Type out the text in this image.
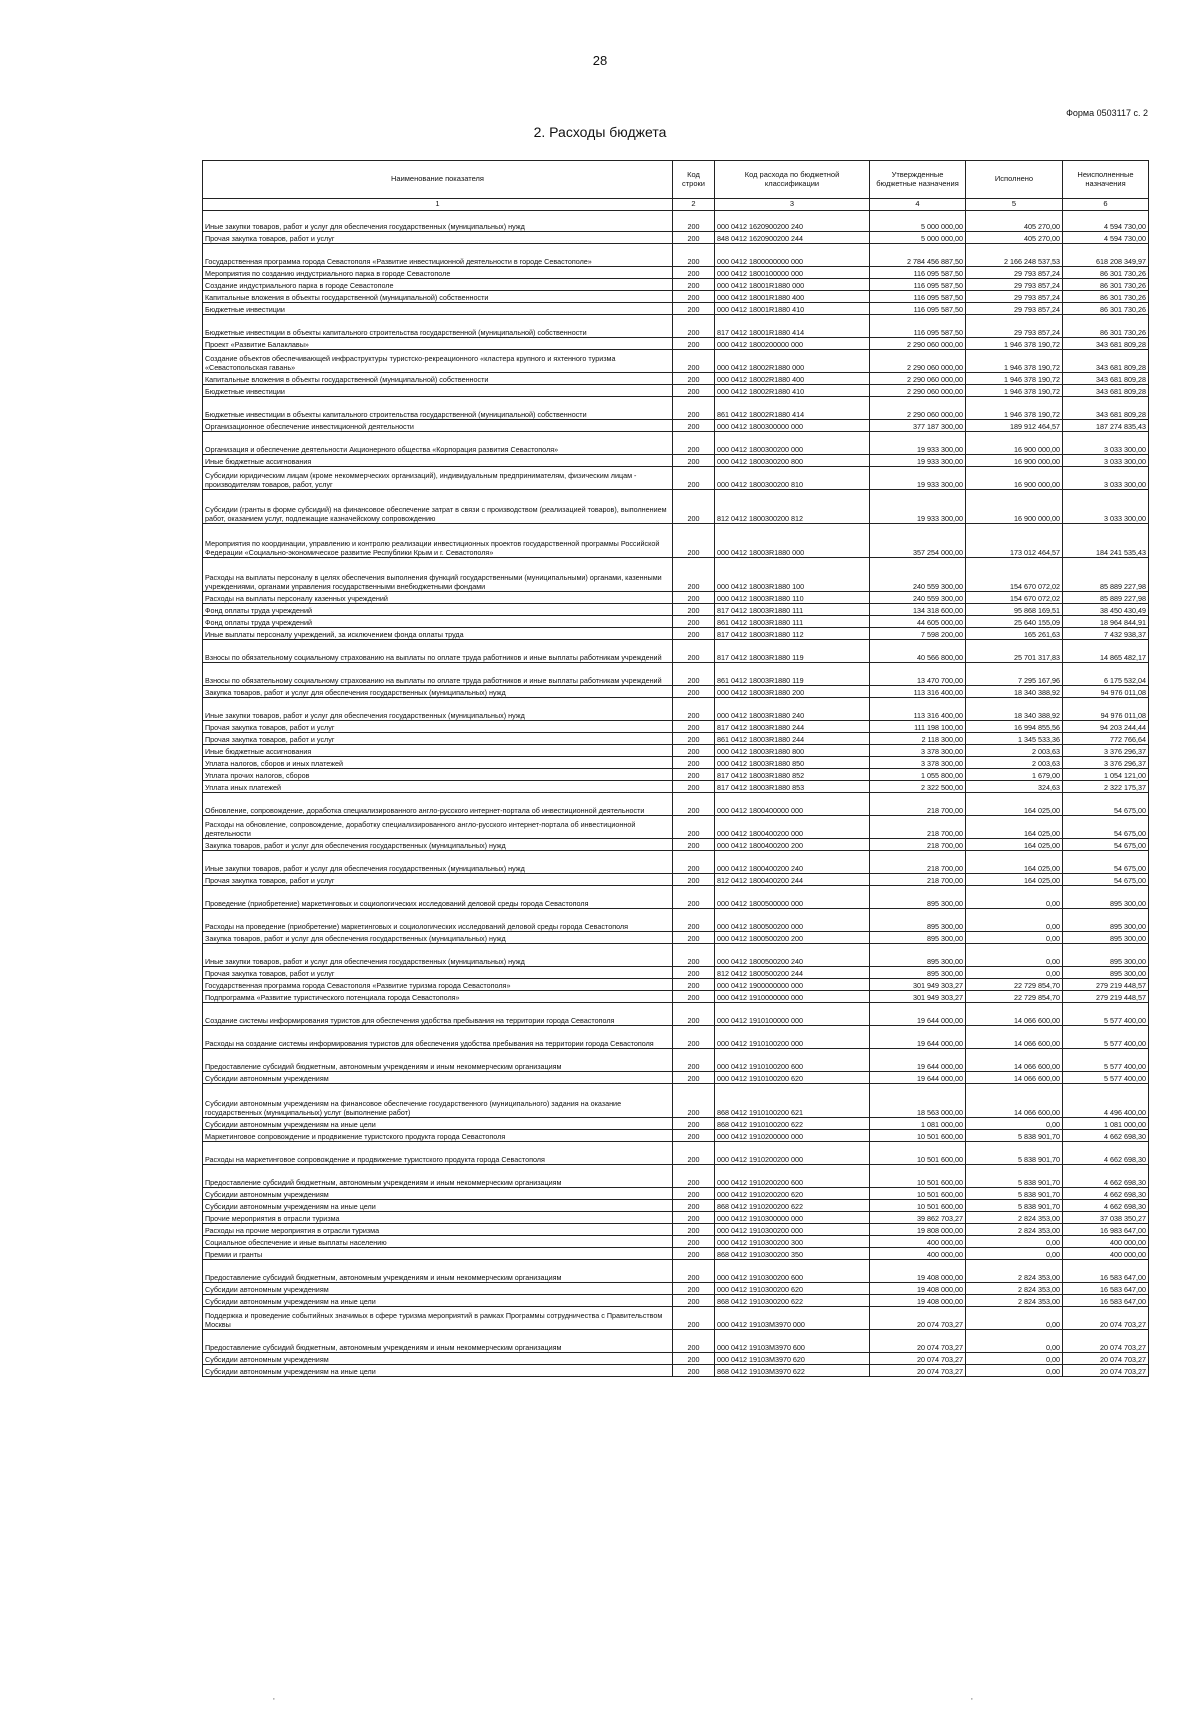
28
Форма 0503117 с. 2
2. Расходы бюджета
Наименование показателя	Код строки	Код расхода по бюджетной классификации	Утвержденные бюджетные назначения	Исполнено	Неисполненные назначения
1	2	3	4	5	6
Иные закупки товаров, работ и услуг для обеспечения государственных (муниципальных) нужд	200	000 0412 1620900200 240	5 000 000,00	405 270,00	4 594 730,00
Прочая закупка товаров, работ и услуг	200	848 0412 1620900200 244	5 000 000,00	405 270,00	4 594 730,00
Государственная программа города Севастополя «Развитие инвестиционной деятельности в городе Севастополе»	200	000 0412 1800000000 000	2 784 456 887,50	2 166 248 537,53	618 208 349,97
Мероприятия по созданию индустриального парка в городе Севастополе	200	000 0412 1800100000 000	116 095 587,50	29 793 857,24	86 301 730,26
Создание индустриального парка в городе Севастополе	200	000 0412 18001R1880 000	116 095 587,50	29 793 857,24	86 301 730,26
Капитальные вложения в объекты государственной (муниципальной) собственности	200	000 0412 18001R1880 400	116 095 587,50	29 793 857,24	86 301 730,26
Бюджетные инвестиции	200	000 0412 18001R1880 410	116 095 587,50	29 793 857,24	86 301 730,26
Бюджетные инвестиции в объекты капитального строительства государственной (муниципальной) собственности	200	817 0412 18001R1880 414	116 095 587,50	29 793 857,24	86 301 730,26
Проект «Развитие Балаклавы»	200	000 0412 1800200000 000	2 290 060 000,00	1 946 378 190,72	343 681 809,28
Создание объектов обеспечивающей инфраструктуры туристско-рекреационного «кластера крупного и яхтенного туризма «Севастопольская гавань»	200	000 0412 18002R1880 000	2 290 060 000,00	1 946 378 190,72	343 681 809,28
Капитальные вложения в объекты государственной (муниципальной) собственности	200	000 0412 18002R1880 400	2 290 060 000,00	1 946 378 190,72	343 681 809,28
Бюджетные инвестиции	200	000 0412 18002R1880 410	2 290 060 000,00	1 946 378 190,72	343 681 809,28
Бюджетные инвестиции в объекты капитального строительства государственной (муниципальной) собственности	200	861 0412 18002R1880 414	2 290 060 000,00	1 946 378 190,72	343 681 809,28
Организационное обеспечение инвестиционной деятельности	200	000 0412 1800300000 000	377 187 300,00	189 912 464,57	187 274 835,43
Организация и обеспечение деятельности Акционерного общества «Корпорация развития Севастополя»	200	000 0412 1800300200 000	19 933 300,00	16 900 000,00	3 033 300,00
Иные бюджетные ассигнования	200	000 0412 1800300200 800	19 933 300,00	16 900 000,00	3 033 300,00
Субсидии юридическим лицам (кроме некоммерческих организаций), индивидуальным предпринимателям, физическим лицам - производителям товаров, работ, услуг	200	000 0412 1800300200 810	19 933 300,00	16 900 000,00	3 033 300,00
Субсидии (гранты в форме субсидий) на финансовое обеспечение затрат в связи с производством (реализацией товаров), выполнением работ, оказанием услуг, подлежащие казначейскому сопровождению	200	812 0412 1800300200 812	19 933 300,00	16 900 000,00	3 033 300,00
Мероприятия по координации, управлению и контролю реализации инвестиционных проектов государственной программы Российской Федерации «Социально-экономическое развитие Республики Крым и г. Севастополя»	200	000 0412 18003R1880 000	357 254 000,00	173 012 464,57	184 241 535,43
Расходы на выплаты персоналу в целях обеспечения выполнения функций государственными (муниципальными) органами, казенными учреждениями, органами управления государственными внебюджетными фондами	200	000 0412 18003R1880 100	240 559 300,00	154 670 072,02	85 889 227,98
Расходы на выплаты персоналу казенных учреждений	200	000 0412 18003R1880 110	240 559 300,00	154 670 072,02	85 889 227,98
Фонд оплаты труда учреждений	200	817 0412 18003R1880 111	134 318 600,00	95 868 169,51	38 450 430,49
Фонд оплаты труда учреждений	200	861 0412 18003R1880 111	44 605 000,00	25 640 155,09	18 964 844,91
Иные выплаты персоналу учреждений, за исключением фонда оплаты труда	200	817 0412 18003R1880 112	7 598 200,00	165 261,63	7 432 938,37
Взносы по обязательному социальному страхованию на выплаты по оплате труда работников и иные выплаты работникам учреждений	200	817 0412 18003R1880 119	40 566 800,00	25 701 317,83	14 865 482,17
Взносы по обязательному социальному страхованию на выплаты по оплате труда работников и иные выплаты работникам учреждений	200	861 0412 18003R1880 119	13 470 700,00	7 295 167,96	6 175 532,04
Закупка товаров, работ и услуг для обеспечения государственных (муниципальных) нужд	200	000 0412 18003R1880 200	113 316 400,00	18 340 388,92	94 976 011,08
Иные закупки товаров, работ и услуг для обеспечения государственных (муниципальных) нужд	200	000 0412 18003R1880 240	113 316 400,00	18 340 388,92	94 976 011,08
Прочая закупка товаров, работ и услуг	200	817 0412 18003R1880 244	111 198 100,00	16 994 855,56	94 203 244,44
Прочая закупка товаров, работ и услуг	200	861 0412 18003R1880 244	2 118 300,00	1 345 533,36	772 766,64
Иные бюджетные ассигнования	200	000 0412 18003R1880 800	3 378 300,00	2 003,63	3 376 296,37
Уплата налогов, сборов и иных платежей	200	000 0412 18003R1880 850	3 378 300,00	2 003,63	3 376 296,37
Уплата прочих налогов, сборов	200	817 0412 18003R1880 852	1 055 800,00	1 679,00	1 054 121,00
Уплата иных платежей	200	817 0412 18003R1880 853	2 322 500,00	324,63	2 322 175,37
Обновление, сопровождение, доработка специализированного англо-русского интернет-портала об инвестиционной деятельности	200	000 0412 1800400000 000	218 700,00	164 025,00	54 675,00
Расходы на обновление, сопровождение, доработку специализированного англо-русского интернет-портала об инвестиционной деятельности	200	000 0412 1800400200 000	218 700,00	164 025,00	54 675,00
Закупка товаров, работ и услуг для обеспечения государственных (муниципальных) нужд	200	000 0412 1800400200 200	218 700,00	164 025,00	54 675,00
Иные закупки товаров, работ и услуг для обеспечения государственных (муниципальных) нужд	200	000 0412 1800400200 240	218 700,00	164 025,00	54 675,00
Прочая закупка товаров, работ и услуг	200	812 0412 1800400200 244	218 700,00	164 025,00	54 675,00
Проведение (приобретение) маркетинговых и социологических исследований деловой среды города Севастополя	200	000 0412 1800500000 000	895 300,00	0,00	895 300,00
Расходы на проведение (приобретение) маркетинговых и социологических исследований деловой среды города Севастополя	200	000 0412 1800500200 000	895 300,00	0,00	895 300,00
Закупка товаров, работ и услуг для обеспечения государственных (муниципальных) нужд	200	000 0412 1800500200 200	895 300,00	0,00	895 300,00
Иные закупки товаров, работ и услуг для обеспечения государственных (муниципальных) нужд	200	000 0412 1800500200 240	895 300,00	0,00	895 300,00
Прочая закупка товаров, работ и услуг	200	812 0412 1800500200 244	895 300,00	0,00	895 300,00
Государственная программа города Севастополя «Развитие туризма города Севастополя»	200	000 0412 1900000000 000	301 949 303,27	22 729 854,70	279 219 448,57
Подпрограмма «Развитие туристического потенциала города Севастополя»	200	000 0412 1910000000 000	301 949 303,27	22 729 854,70	279 219 448,57
Создание системы информирования туристов для обеспечения удобства пребывания на территории города Севастополя	200	000 0412 1910100000 000	19 644 000,00	14 066 600,00	5 577 400,00
Расходы на создание системы информирования туристов для обеспечения удобства пребывания на территории города Севастополя	200	000 0412 1910100200 000	19 644 000,00	14 066 600,00	5 577 400,00
Предоставление субсидий бюджетным, автономным учреждениям и иным некоммерческим организациям	200	000 0412 1910100200 600	19 644 000,00	14 066 600,00	5 577 400,00
Субсидии автономным учреждениям	200	000 0412 1910100200 620	19 644 000,00	14 066 600,00	5 577 400,00
Субсидии автономным учреждениям на финансовое обеспечение государственного (муниципального) задания на оказание государственных (муниципальных) услуг (выполнение работ)	200	868 0412 1910100200 621	18 563 000,00	14 066 600,00	4 496 400,00
Субсидии автономным учреждениям на иные цели	200	868 0412 1910100200 622	1 081 000,00	0,00	1 081 000,00
Маркетинговое сопровождение и продвижение туристского продукта города Севастополя	200	000 0412 1910200000 000	10 501 600,00	5 838 901,70	4 662 698,30
Расходы на маркетинговое сопровождение и продвижение туристского продукта города Севастополя	200	000 0412 1910200200 000	10 501 600,00	5 838 901,70	4 662 698,30
Предоставление субсидий бюджетным, автономным учреждениям и иным некоммерческим организациям	200	000 0412 1910200200 600	10 501 600,00	5 838 901,70	4 662 698,30
Субсидии автономным учреждениям	200	000 0412 1910200200 620	10 501 600,00	5 838 901,70	4 662 698,30
Субсидии автономным учреждениям на иные цели	200	868 0412 1910200200 622	10 501 600,00	5 838 901,70	4 662 698,30
Прочие мероприятия в отрасли туризма	200	000 0412 1910300000 000	39 862 703,27	2 824 353,00	37 038 350,27
Расходы на прочие мероприятия в отрасли туризма	200	000 0412 1910300200 000	19 808 000,00	2 824 353,00	16 983 647,00
Социальное обеспечение и иные выплаты населению	200	000 0412 1910300200 300	400 000,00	0,00	400 000,00
Премии и гранты	200	868 0412 1910300200 350	400 000,00	0,00	400 000,00
Предоставление субсидий бюджетным, автономным учреждениям и иным некоммерческим организациям	200	000 0412 1910300200 600	19 408 000,00	2 824 353,00	16 583 647,00
Субсидии автономным учреждениям	200	000 0412 1910300200 620	19 408 000,00	2 824 353,00	16 583 647,00
Субсидии автономным учреждениям на иные цели	200	868 0412 1910300200 622	19 408 000,00	2 824 353,00	16 583 647,00
Поддержка и проведение событийных значимых в сфере туризма мероприятий в рамках Программы сотрудничества с Правительством Москвы	200	000 0412 19103М3970 000	20 074 703,27	0,00	20 074 703,27
Предоставление субсидий бюджетным, автономным учреждениям и иным некоммерческим организациям	200	000 0412 19103М3970 600	20 074 703,27	0,00	20 074 703,27
Субсидии автономным учреждениям	200	000 0412 19103М3970 620	20 074 703,27	0,00	20 074 703,27
Субсидии автономным учреждениям на иные цели	200	868 0412 19103М3970 622	20 074 703,27	0,00	20 074 703,27
·	·
